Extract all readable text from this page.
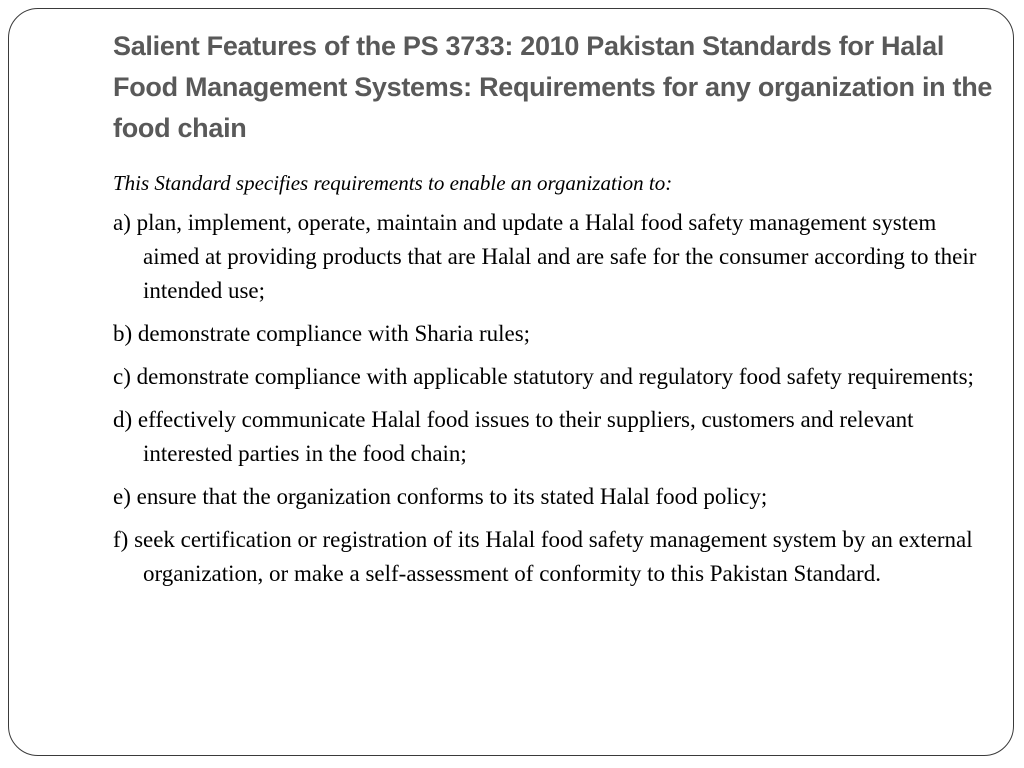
Salient Features of the PS 3733: 2010 Pakistan Standards for Halal Food Management Systems: Requirements for any organization in the food chain

This Standard specifies requirements to enable an organization to:

a) plan, implement, operate, maintain and update a Halal food safety management system aimed at providing products that are Halal and are safe for the consumer according to their intended use;

b) demonstrate compliance with Sharia rules;

c) demonstrate compliance with applicable statutory and regulatory food safety requirements;

d) effectively communicate Halal food issues to their suppliers, customers and relevant interested parties in the food chain;

e) ensure that the organization conforms to its stated Halal food policy;

f) seek certification or registration of its Halal food safety management system by an external organization, or make a self-assessment of conformity to this Pakistan Standard.
